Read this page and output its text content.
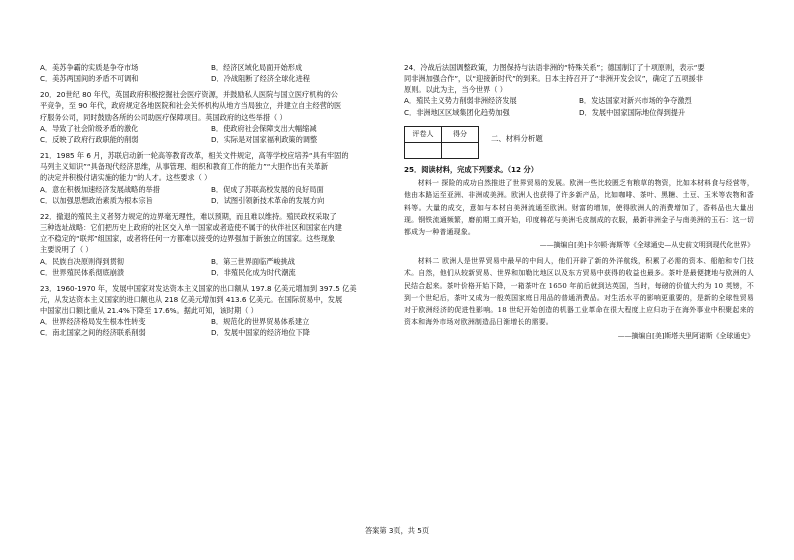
A．美苏争霸的实质是争夺市场	B．经济区域化局面开始形成
C．美苏两国间的矛盾不可调和	D．冷战阻断了经济全球化进程
20．20世纪 80 年代，英国政府积极挖掘社会医疗资源，并鼓励私人医院与国立医疗机构的公
平竞争，至 90 年代，政府规定各地医院和社会关怀机构从地方当局独立，并建立自主经营的医
疗服务公司，同时鼓励各所的公司助医疗保障项目。英国政府的这些举措（ ）
A．导致了社会阶级矛盾的激化	B．使政府社会保障支出大幅缩减
C．反映了政府行政职能的削弱	D．实际是对国家福利政策的调整
21．1985 年 6 月，苏联启动新一轮高等教育改革，相关文件规定，高等学校应培养“具有牢固的
马列主义知识”“具备现代经济思维，从事管理、组织和教育工作的能力”“大胆作出有关革新
的决定并积极付诸实施的能力”的人才。这些要求（ ）
A．意在积极加速经济发展战略的举措	B．促成了苏联高校发展的良好局面
C．以加强思想政治素质为根本宗旨	D．试图引领新技术革命的发展方向
22．撤退的殖民主义者努力规定的边界毫无理性，难以预期，而且难以维持。殖民政权采取了
三种选址战略：它们把历史上政府的社区交入单一国家或者造使不属于的伙伴社区和国家在内建
立不稳定的“联邦”组国家，或者将任何一方都难以接受的边界强加于新独立的国家。这些现象
主要说明了（ ）
A．民族自决原则得到贯彻	B．第三世界面临严峻挑战
C．世界殖民体系彻底崩溃	D．非殖民化成为时代潮流
23．1960-1970 年，发展中国家对发达资本主义国家的出口额从 197.8 亿美元增加到 397.5 亿美
元，从发达资本主义国家的进口额也从 218 亿美元增加到 413.6 亿美元。在国际贸易中，发展
中国家出口额比重从 21.4%下降至 17.6%。据此可知，该时期（ ）
A．世界经济格局发生根本性转变	B．规范化的世界贸易体系建立
C．南北国家之间的经济联系削弱	D．发展中国家的经济地位下降
24．冷战后法国调整政策，力图保持与法语非洲的“特殊关系”；德国制订了十项原则，表示“要
同非洲加强合作”，以“迎接新时代”的到来。日本主持召开了“非洲开发会议”，确定了五项援非
原则。以此为主，当今世界（ ）
A．殖民主义势力削弱非洲经济发展	B．发达国家对新兴市场的争夺激烈
C．非洲地区区域集团化趋势加强	D．发展中国家国际地位得到提升
评卷人	得分
		二、材料分析题
25．阅读材料，完成下列要求。（12 分）
材料一 探险的成功自然推进了世界贸易的发展。欧洲一些比较匮乏有粮草的物资，比如本材料食与经营等，他由本路运至亚洲、非洲或美洲。欧洲人也获得了许多新产品，比如咖啡、茶叶、黑糖、土豆、玉米等农物和香料等。大量的成交，意如与本材自美洲流通至欧洲。财富的增加，使得欧洲人的消费增加了，香料品也大量出现。钢铁流通频繁，磨前期工商开始，印度棉花与美洲毛皮制成的衣服，最新非洲金子与南美洲的玉石：这一切都成为一种普通现象。
——摘编自[美]卡尔顿·海斯等《全球通史—从史前文明到现代化世界》
材料二 欧洲人是世界贸易中最早的中间人，他们开辟了新的外洋航线，积累了必需的资本、船舶和专门技术。自然，他们从较新贸易、世界和加勒比地区以及东方贸易中获得的收益也最多。茶叶是最便捷地与欧洲的人民结合起来。茶叶价格开始下降，一箱茶叶在 1650 年前后就到达英国，当时，每磅的价值大约为 10 英镑，不到一个世纪后，茶叶又成为一般英国家庭日用品的普通消费品。对生活水平的影响更重要的，是新的全球性贸易对于欧洲经济的促进性影响。18 世纪开始创造的机器工业革命在很大程度上应归功于在海外事业中积聚起来的资本和海外市场对欧洲制造品日渐增长的需要。
——摘编自[美]斯塔夫里阿诺斯《全球通史》
答案第 3页，共 5页
